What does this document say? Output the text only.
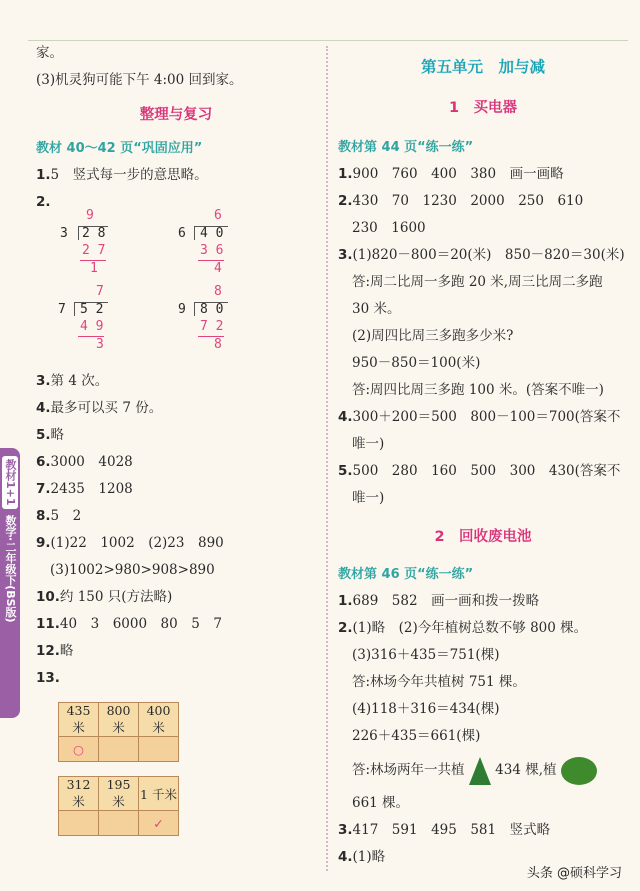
家。
(3)机灵狗可能下午 4:00 回到家。
整理与复习
教材 40～42 页“巩固应用”
1.5　竖式每一步的意思略。
2.
9
3 2 8
2 7
1
6
6 4 0
3 6
4
7
7 5 2
4 9
3
8
9 8 0
7 2
8
3.第 4 次。
4.最多可以买 7 份。
5.略
6.3000　4028
7.2435　1208
8.5　2
9.(1)22　1002　(2)23　890
(3)1002>980>908>890
10.约 150 只(方法略)
11.40　3　6000　80　5　7
12.略
13.
435 米	800 米	400 米
○		
312 米	195 米	1 千米
		✓
第五单元　加与减
1　买电器
教材第 44 页“练一练”
1.900　760　400　380　画一画略
2.430　70　1230　2000　250　610
230　1600
3.(1)820－800＝20(米)　850－820＝30(米)
答:周二比周一多跑 20 米,周三比周二多跑
30 米。
(2)周四比周三多跑多少米?
950－850＝100(米)
答:周四比周三多跑 100 米。(答案不唯一)
4.300＋200＝500　800－100＝700(答案不
唯一)
5.500　280　160　500　300　430(答案不
唯一)
2　回收废电池
教材第 46 页“练一练”
1.689　582　画一画和拨一拨略
2.(1)略　(2)今年植树总数不够 800 棵。
(3)316＋435＝751(棵)
答:林场今年共植树 751 棵。
(4)118＋316＝434(棵)
226＋435＝661(棵)
答:林场两年一共植 434 棵,植
661 棵。
3.417　591　495　581　竖式略
4.(1)略
教材1+1
数学·二年级下(BS版)
头条 @硕科学习
